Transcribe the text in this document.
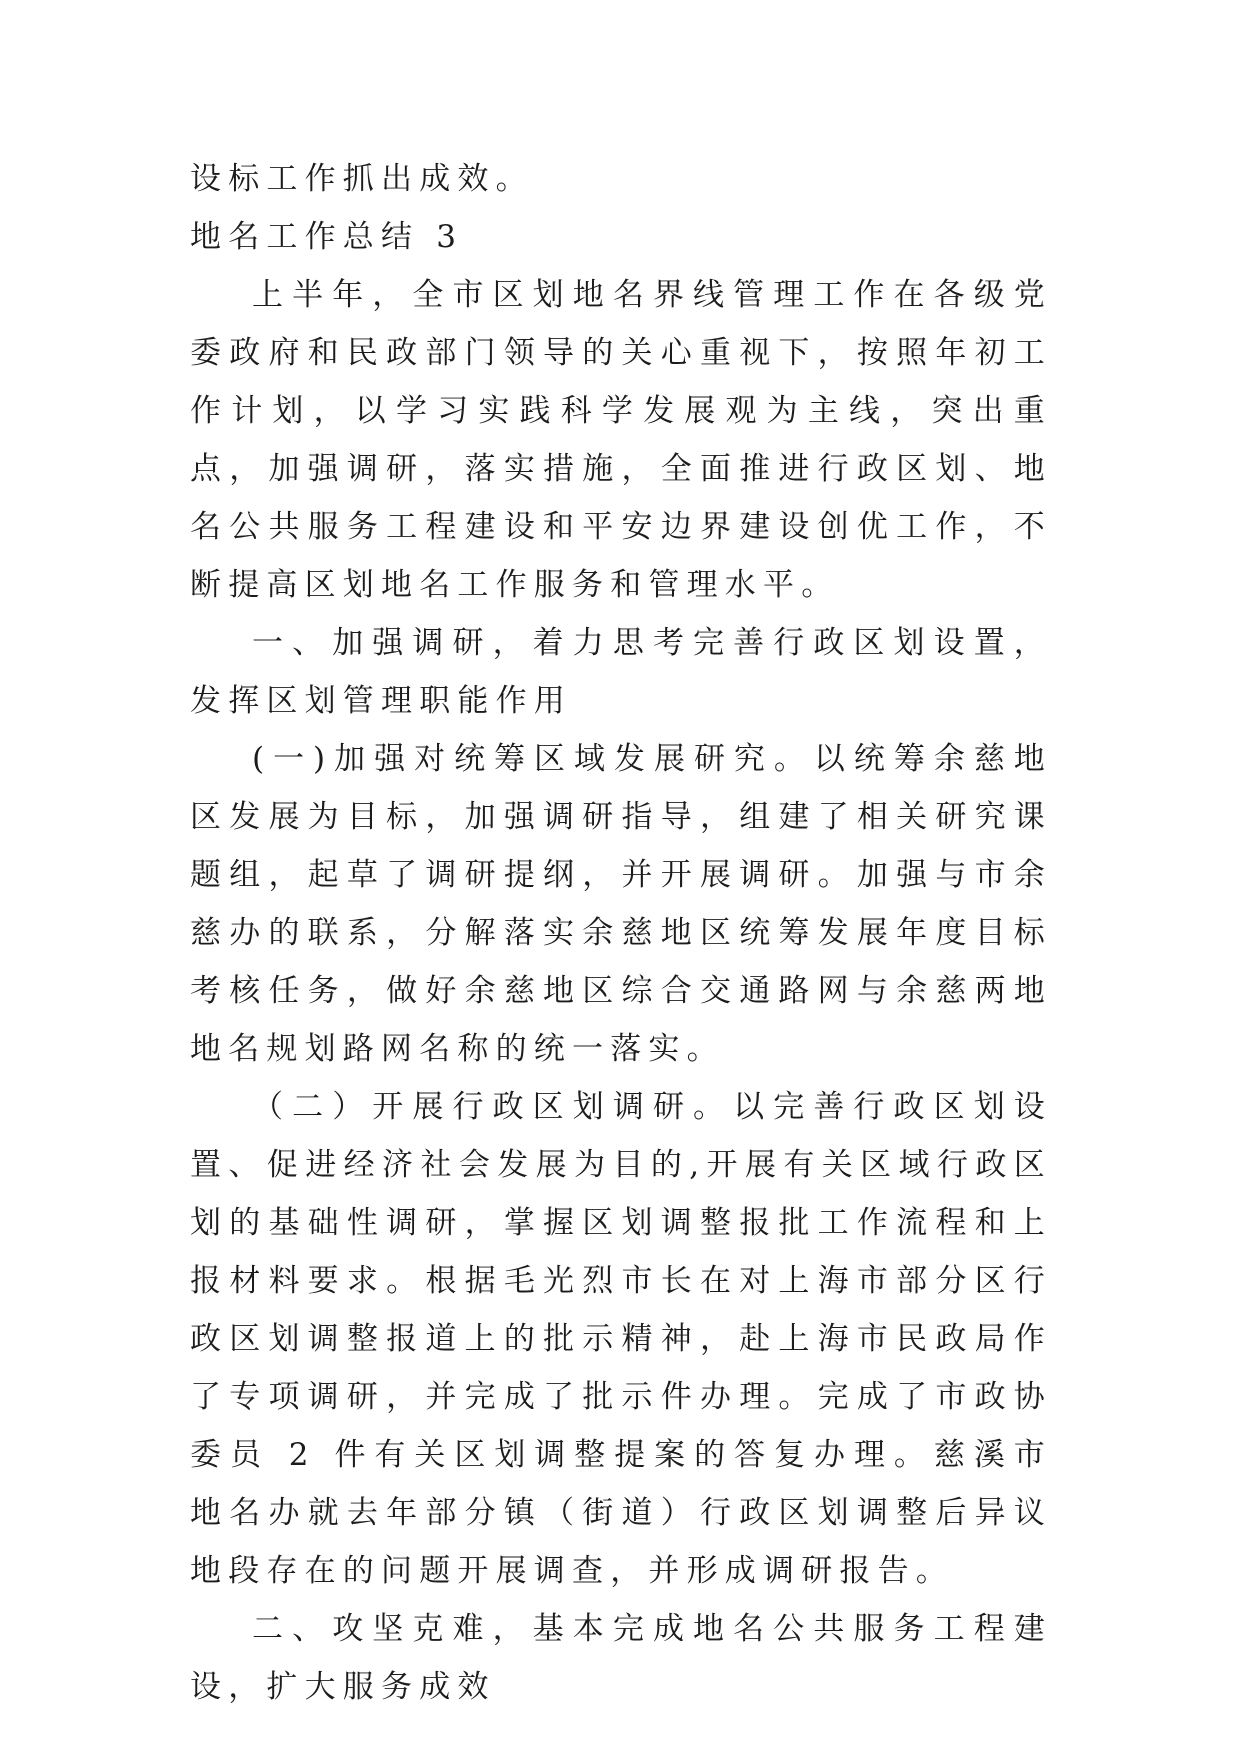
设标工作抓出成效。

地名工作总结 3

上半年，全市区划地名界线管理工作在各级党委政府和民政部门领导的关心重视下，按照年初工作计划，以学习实践科学发展观为主线，突出重点，加强调研，落实措施，全面推进行政区划、地名公共服务工程建设和平安边界建设创优工作，不断提高区划地名工作服务和管理水平。

一、加强调研，着力思考完善行政区划设置，发挥区划管理职能作用

(一)加强对统筹区域发展研究。以统筹余慈地区发展为目标，加强调研指导，组建了相关研究课题组，起草了调研提纲，并开展调研。加强与市余慈办的联系，分解落实余慈地区统筹发展年度目标考核任务，做好余慈地区综合交通路网与余慈两地地名规划路网名称的统一落实。

（二）开展行政区划调研。以完善行政区划设置、促进经济社会发展为目的,开展有关区域行政区划的基础性调研，掌握区划调整报批工作流程和上报材料要求。根据毛光烈市长在对上海市部分区行政区划调整报道上的批示精神，赴上海市民政局作了专项调研，并完成了批示件办理。完成了市政协委员 2 件有关区划调整提案的答复办理。慈溪市地名办就去年部分镇（街道）行政区划调整后异议地段存在的问题开展调查，并形成调研报告。

二、攻坚克难，基本完成地名公共服务工程建设，扩大服务成效
